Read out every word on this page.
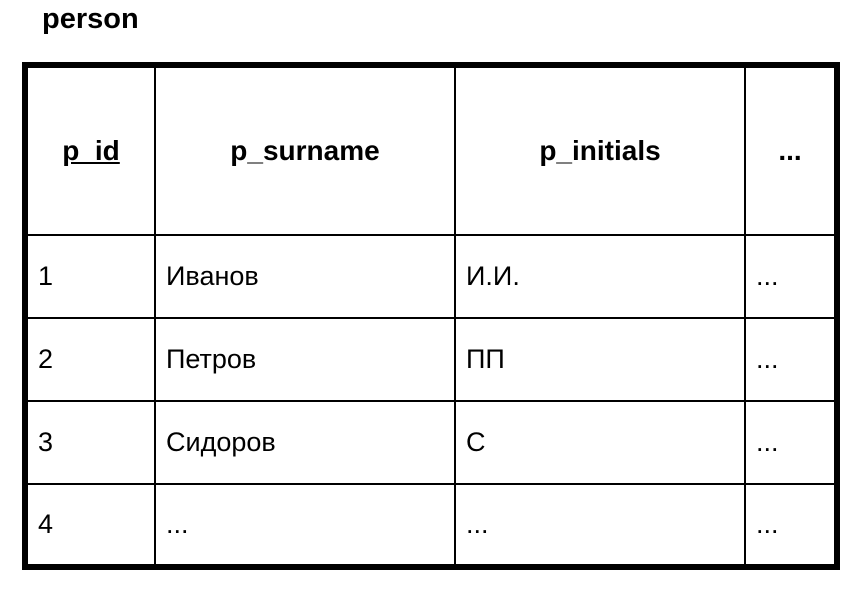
person
p_id	p_surname	p_initials	...
1	Иванов	И.И.	...
2	Петров	ПП	...
3	Сидоров	С	...
4	...	...	...
